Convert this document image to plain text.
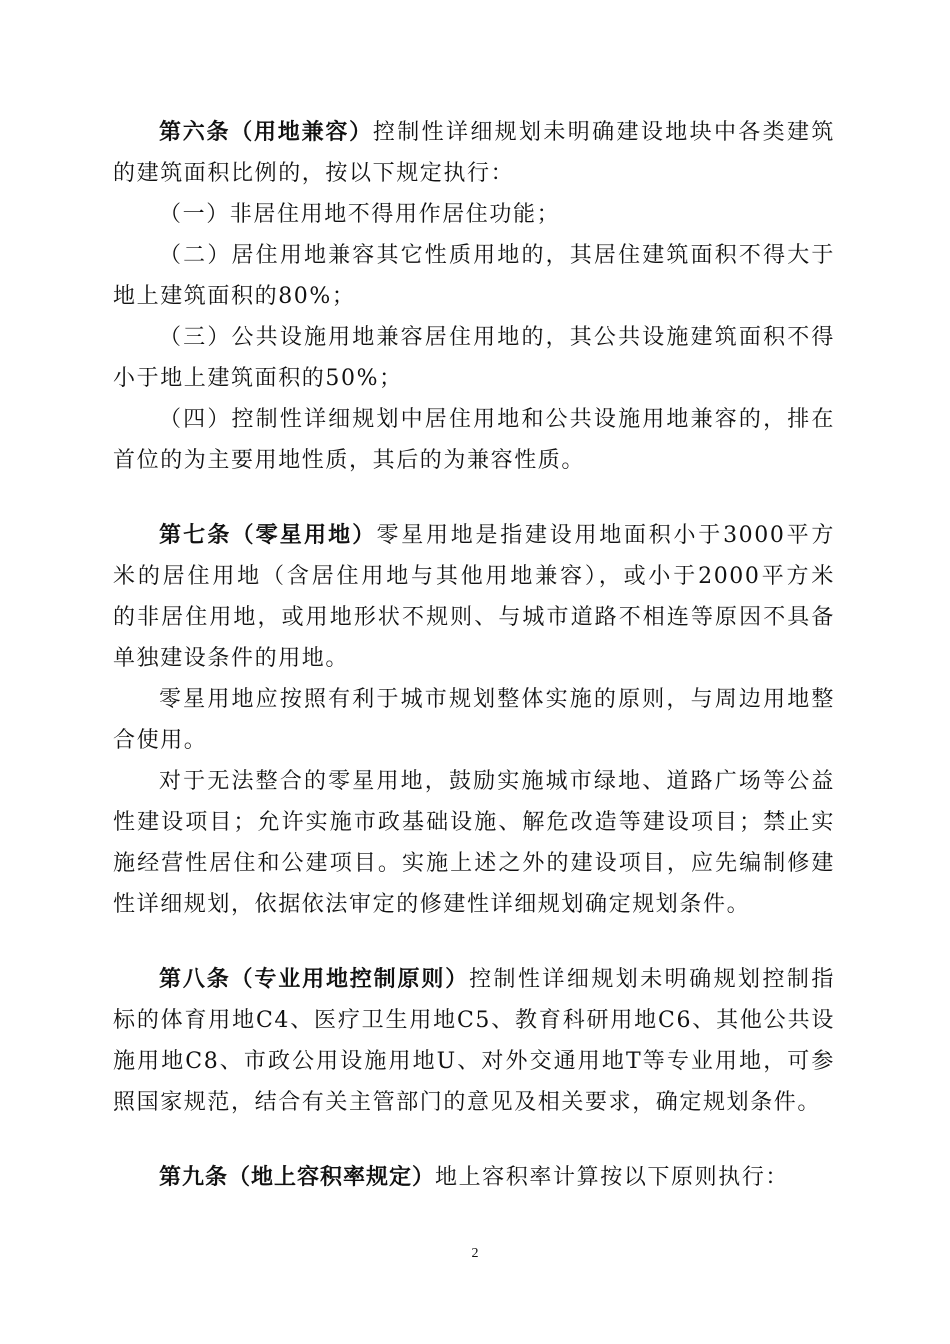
第六条（用地兼容）控制性详细规划未明确建设地块中各类建筑
的建筑面积比例的，按以下规定执行：
（一）非居住用地不得用作居住功能；
（二）居住用地兼容其它性质用地的，其居住建筑面积不得大于
地上建筑面积的80%；
（三）公共设施用地兼容居住用地的，其公共设施建筑面积不得
小于地上建筑面积的50%；
（四）控制性详细规划中居住用地和公共设施用地兼容的，排在
首位的为主要用地性质，其后的为兼容性质。
第七条（零星用地）零星用地是指建设用地面积小于3000平方
米的居住用地（含居住用地与其他用地兼容），或小于2000平方米
的非居住用地，或用地形状不规则、与城市道路不相连等原因不具备
单独建设条件的用地。
零星用地应按照有利于城市规划整体实施的原则，与周边用地整
合使用。
对于无法整合的零星用地，鼓励实施城市绿地、道路广场等公益
性建设项目；允许实施市政基础设施、解危改造等建设项目；禁止实
施经营性居住和公建项目。实施上述之外的建设项目，应先编制修建
性详细规划，依据依法审定的修建性详细规划确定规划条件。
第八条（专业用地控制原则）控制性详细规划未明确规划控制指
标的体育用地C4、医疗卫生用地C5、教育科研用地C6、其他公共设
施用地C8、市政公用设施用地U、对外交通用地T等专业用地，可参
照国家规范，结合有关主管部门的意见及相关要求，确定规划条件。
第九条（地上容积率规定）地上容积率计算按以下原则执行：
2
